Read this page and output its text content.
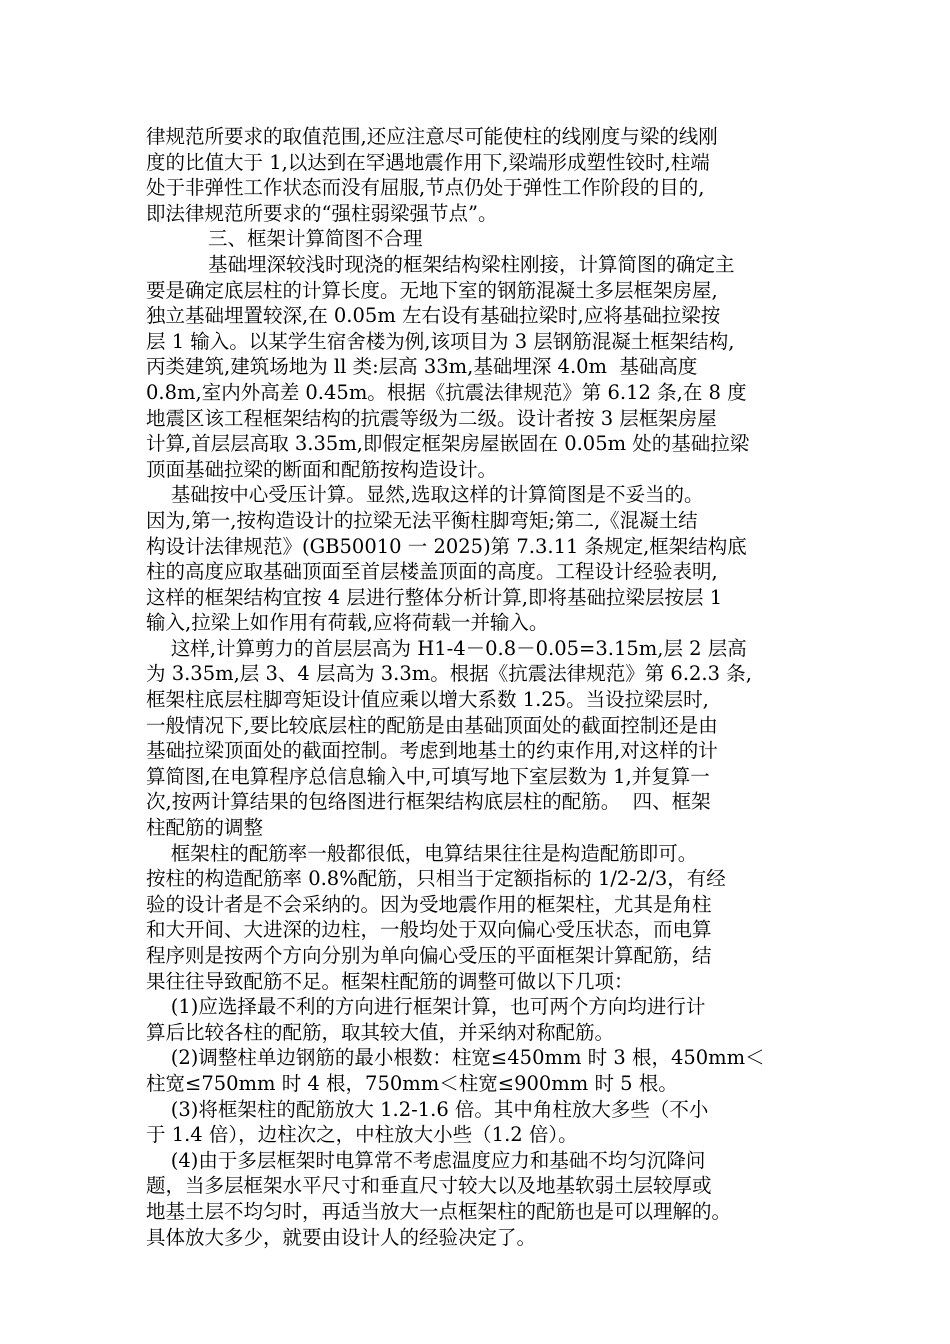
律规范所要求的取值范围,还应注意尽可能使柱的线刚度与梁的线刚
度的比值大于 1,以达到在罕遇地震作用下,梁端形成塑性铰时,柱端
处于非弹性工作状态而没有屈服,节点仍处于弹性工作阶段的目的,
即法律规范所要求的“强柱弱梁强节点”。
三、框架计算简图不合理
基础埋深较浅时现浇的框架结构梁柱刚接，计算简图的确定主
要是确定底层柱的计算长度。无地下室的钢筋混凝土多层框架房屋,
独立基础埋置较深,在 0.05m 左右设有基础拉梁时,应将基础拉梁按
层 1 输入。以某学生宿舍楼为例,该项目为 3 层钢筋混凝土框架结构,
丙类建筑,建筑场地为 ll 类:层高 33m,基础埋深 4.0m  基础高度
0.8m,室内外高差 0.45m。根据《抗震法律规范》第 6.12 条,在 8 度
地震区该工程框架结构的抗震等级为二级。设计者按 3 层框架房屋
计算,首层层高取 3.35m,即假定框架房屋嵌固在 0.05m 处的基础拉梁
顶面基础拉梁的断面和配筋按构造设计。
基础按中心受压计算。显然,选取这样的计算简图是不妥当的。
因为,第一,按构造设计的拉梁无法平衡柱脚弯矩;第二,《混凝土结
构设计法律规范》(GB50010 一 2025)第 7.3.11 条规定,框架结构底
柱的高度应取基础顶面至首层楼盖顶面的高度。工程设计经验表明,
这样的框架结构宜按 4 层进行整体分析计算,即将基础拉梁层按层 1
输入,拉梁上如作用有荷载,应将荷载一并输入。
这样,计算剪力的首层层高为 H1-4－0.8－0.05=3.15m,层 2 层高
为 3.35m,层 3、4 层高为 3.3m。根据《抗震法律规范》第 6.2.3 条,
框架柱底层柱脚弯矩设计值应乘以增大系数 1.25。当设拉梁层时,
一般情况下,要比较底层柱的配筋是由基础顶面处的截面控制还是由
基础拉梁顶面处的截面控制。考虑到地基土的约束作用,对这样的计
算简图,在电算程序总信息输入中,可填写地下室层数为 1,并复算一
次,按两计算结果的包络图进行框架结构底层柱的配筋。  四、框架
柱配筋的调整
框架柱的配筋率一般都很低，电算结果往往是构造配筋即可。
按柱的构造配筋率 0.8%配筋，只相当于定额指标的 1/2-2/3，有经
验的设计者是不会采纳的。因为受地震作用的框架柱，尤其是角柱
和大开间、大进深的边柱，一般均处于双向偏心受压状态，而电算
程序则是按两个方向分别为单向偏心受压的平面框架计算配筋，结
果往往导致配筋不足。框架柱配筋的调整可做以下几项：
(1)应选择最不利的方向进行框架计算，也可两个方向均进行计
算后比较各柱的配筋，取其较大值，并采纳对称配筋。
(2)调整柱单边钢筋的最小根数：柱宽≤450mm 时 3 根，450mm＜
柱宽≤750mm 时 4 根，750mm＜柱宽≤900mm 时 5 根。
(3)将框架柱的配筋放大 1.2-1.6 倍。其中角柱放大多些（不小
于 1.4 倍），边柱次之，中柱放大小些（1.2 倍）。
(4)由于多层框架时电算常不考虑温度应力和基础不均匀沉降问
题，当多层框架水平尺寸和垂直尺寸较大以及地基软弱土层较厚或
地基土层不均匀时，再适当放大一点框架柱的配筋也是可以理解的。
具体放大多少，就要由设计人的经验决定了。
